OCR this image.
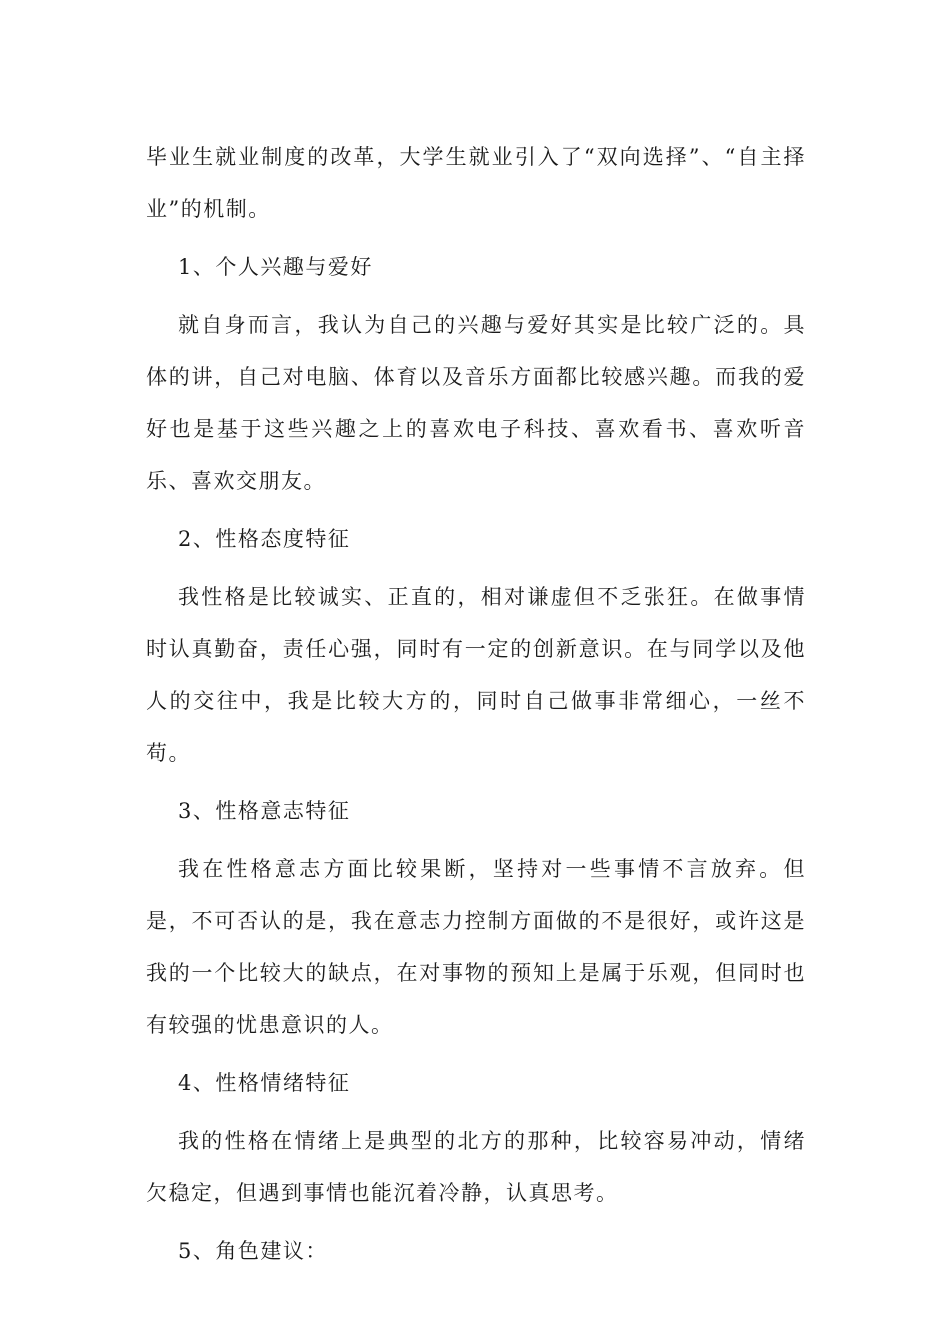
毕业生就业制度的改革，大学生就业引入了“双向选择”、“自主择业”的机制。

1、个人兴趣与爱好

就自身而言，我认为自己的兴趣与爱好其实是比较广泛的。具体的讲，自己对电脑、体育以及音乐方面都比较感兴趣。而我的爱好也是基于这些兴趣之上的喜欢电子科技、喜欢看书、喜欢听音乐、喜欢交朋友。

2、性格态度特征

我性格是比较诚实、正直的，相对谦虚但不乏张狂。在做事情时认真勤奋，责任心强，同时有一定的创新意识。在与同学以及他人的交往中，我是比较大方的，同时自己做事非常细心，一丝不苟。

3、性格意志特征

我在性格意志方面比较果断，坚持对一些事情不言放弃。但是，不可否认的是，我在意志力控制方面做的不是很好，或许这是我的一个比较大的缺点，在对事物的预知上是属于乐观，但同时也有较强的忧患意识的人。

4、性格情绪特征

我的性格在情绪上是典型的北方的那种，比较容易冲动，情绪欠稳定，但遇到事情也能沉着冷静，认真思考。

5、角色建议：
